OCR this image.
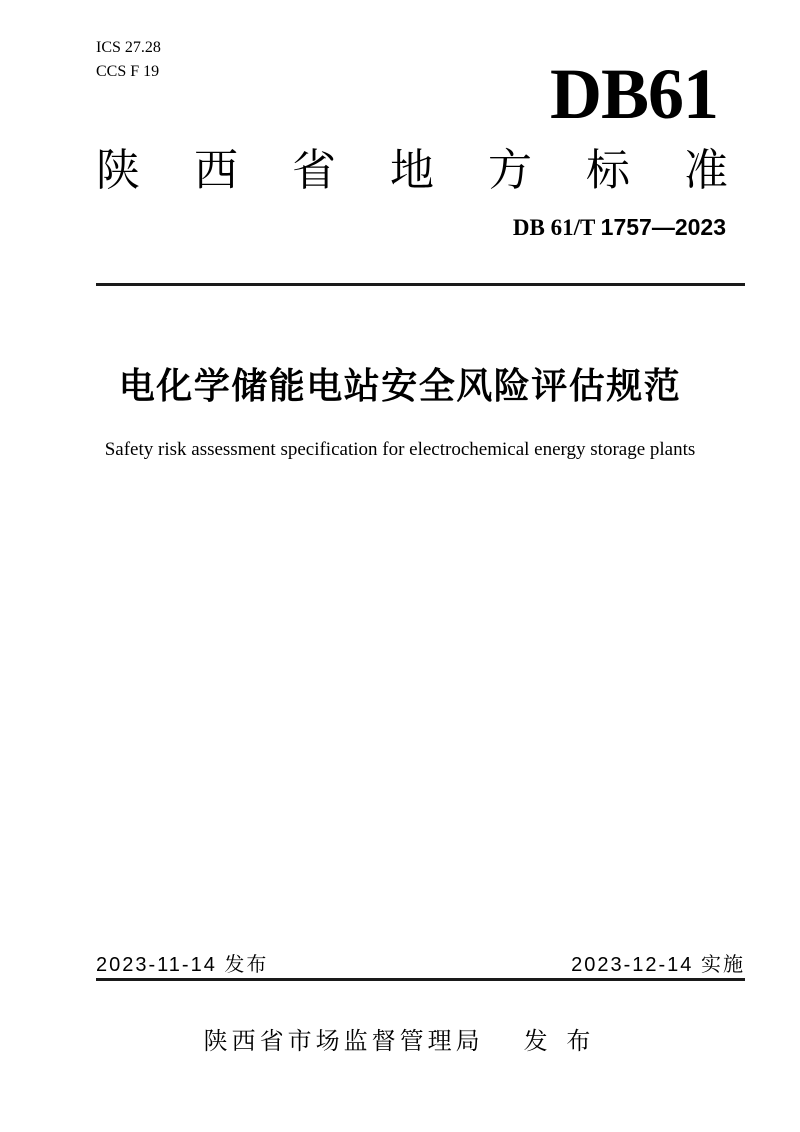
ICS 27.28
CCS F 19	DB61
陕 西 省 地 方 标 准
DB 61/T 1757—2023
电化学储能电站安全风险评估规范
Safety risk assessment specification for electrochemical energy storage plants
2023-11-14 发布	2023-12-14 实施
陕西省市场监督管理局 发 布
